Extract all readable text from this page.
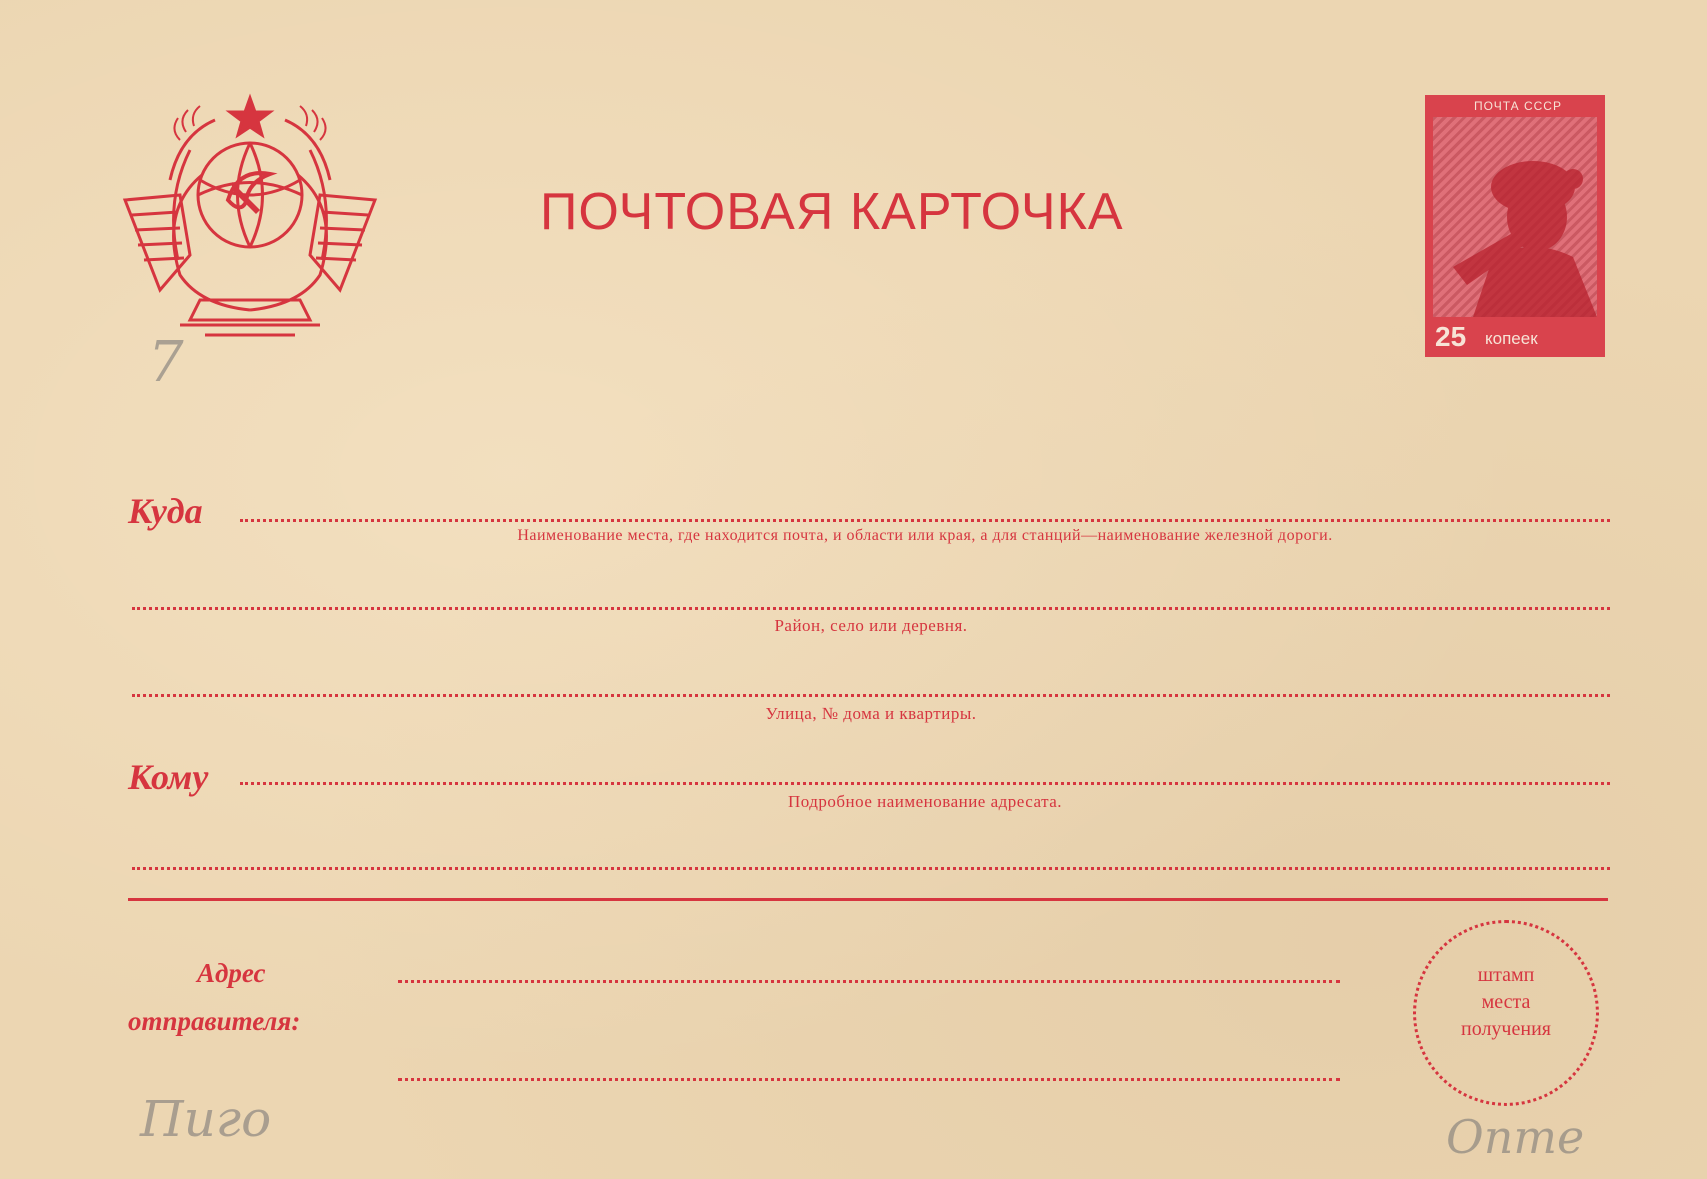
ПОЧТОВАЯ КАРТОЧКА
ПОЧТА СССР
25 копеек
Куда
Наименование места, где находится почта, и области или края, а для станций—наименование железной дороги.
Район, село или деревня.
Улица, № дома и квартиры.
Кому
Подробное наименование адресата.
Адрес
отправителя:
штамп
места
получения
7
Пиго	Опте
